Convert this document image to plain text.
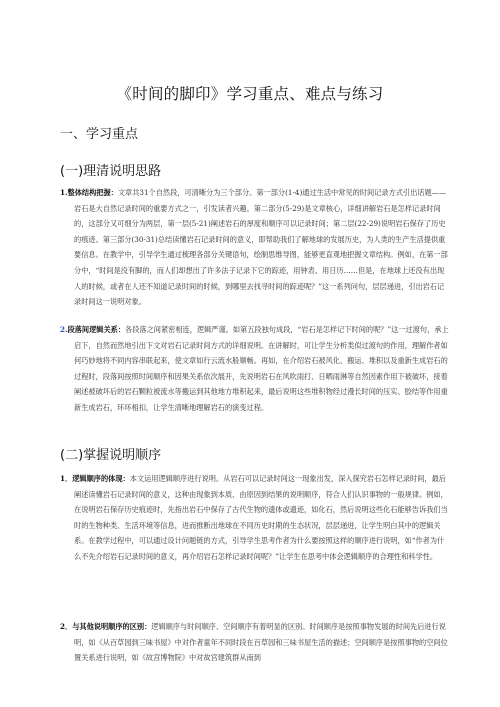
《时间的脚印》学习重点、难点与练习
一、学习重点
(一)理清说明思路
1.整体结构把握：文章共31个自然段，可清晰分为三个部分。第一部分(1-4)通过生活中常见的时间记录方式引出话题——岩石是大自然记录时间的重要方式之一，引发读者兴趣。第二部分(5-29)是文章核心，详细讲解岩石是怎样记录时间的，这部分又可细分为两层，第一层(5-21)阐述岩石的厚度和顺序可以记录时间；第二层(22-29)说明岩石保存了历史的痕迹。第三部分(30-31)总结读懂岩石记录时间的意义，即帮助我们了解地球的发展历史，为人类的生产生活提供重要信息。在教学中，引导学生通过梳理各部分关键语句，绘制思维导图，能够更直观地把握文章结构。例如，在第一部分中，“时间是没有脚的，而人们却想出了许多法子记录下它的踪迹，用钟表、用日历……但是，在地球上还没有出现人的时候，或者在人还不知道记录时间的时候，到哪里去找寻时间的踪迹呢？”这一系列问句，层层递进，引出岩石记录时间这一说明对象。
2.段落间逻辑关系：各段落之间紧密相连，逻辑严谨。如第五段独句成段，“岩石是怎样记下时间的呢？”这一过渡句，承上启下，自然而然地引出下文对岩石记录时间方式的详细说明。在讲解时，可让学生分析类似过渡句的作用，理解作者如何巧妙地将不同内容串联起来，使文章如行云流水般顺畅。再如，在介绍岩石被风化、搬运、堆积以及重新生成岩石的过程时，段落间按照时间顺序和因果关系依次展开，先说明岩石在风吹雨打、日晒雨淋等自然因素作用下被破坏，接着阐述被破坏后的岩石颗粒被流水等搬运到其他地方堆积起来，最后说明这些堆积物经过漫长时间的压实、胶结等作用重新生成岩石，环环相扣，让学生清晰地理解岩石的演变过程。
(二)掌握说明顺序
1．逻辑顺序的体现：本文运用逻辑顺序进行说明。从岩石可以记录时间这一现象出发，深入探究岩石怎样记录时间，最后阐述读懂岩石记录时间的意义，这种由现象到本质、由原因到结果的说明顺序，符合人们认识事物的一般规律。例如，在说明岩石保存历史痕迹时，先指出岩石中保存了古代生物的遗体或遗迹，如化石，然后说明这些化石能够告诉我们当时的生物种类、生活环境等信息，进而推断出地球在不同历史时期的生态状况，层层递进，让学生明白其中的逻辑关系。在教学过程中，可以通过设计问题链的方式，引导学生思考作者为什么要按照这样的顺序进行说明，如“作者为什么不先介绍岩石记录时间的意义，再介绍岩石怎样记录时间呢？”让学生在思考中体会逻辑顺序的合理性和科学性。
2．与其他说明顺序的区别：逻辑顺序与时间顺序、空间顺序有着明显的区别。时间顺序是按照事物发展的时间先后进行说明，如《从百草园到三味书屋》中对作者童年不同时段在百草园和三味书屋生活的描述；空间顺序是按照事物的空间位置关系进行说明，如《故宫博物院》中对故宫建筑群从南到
